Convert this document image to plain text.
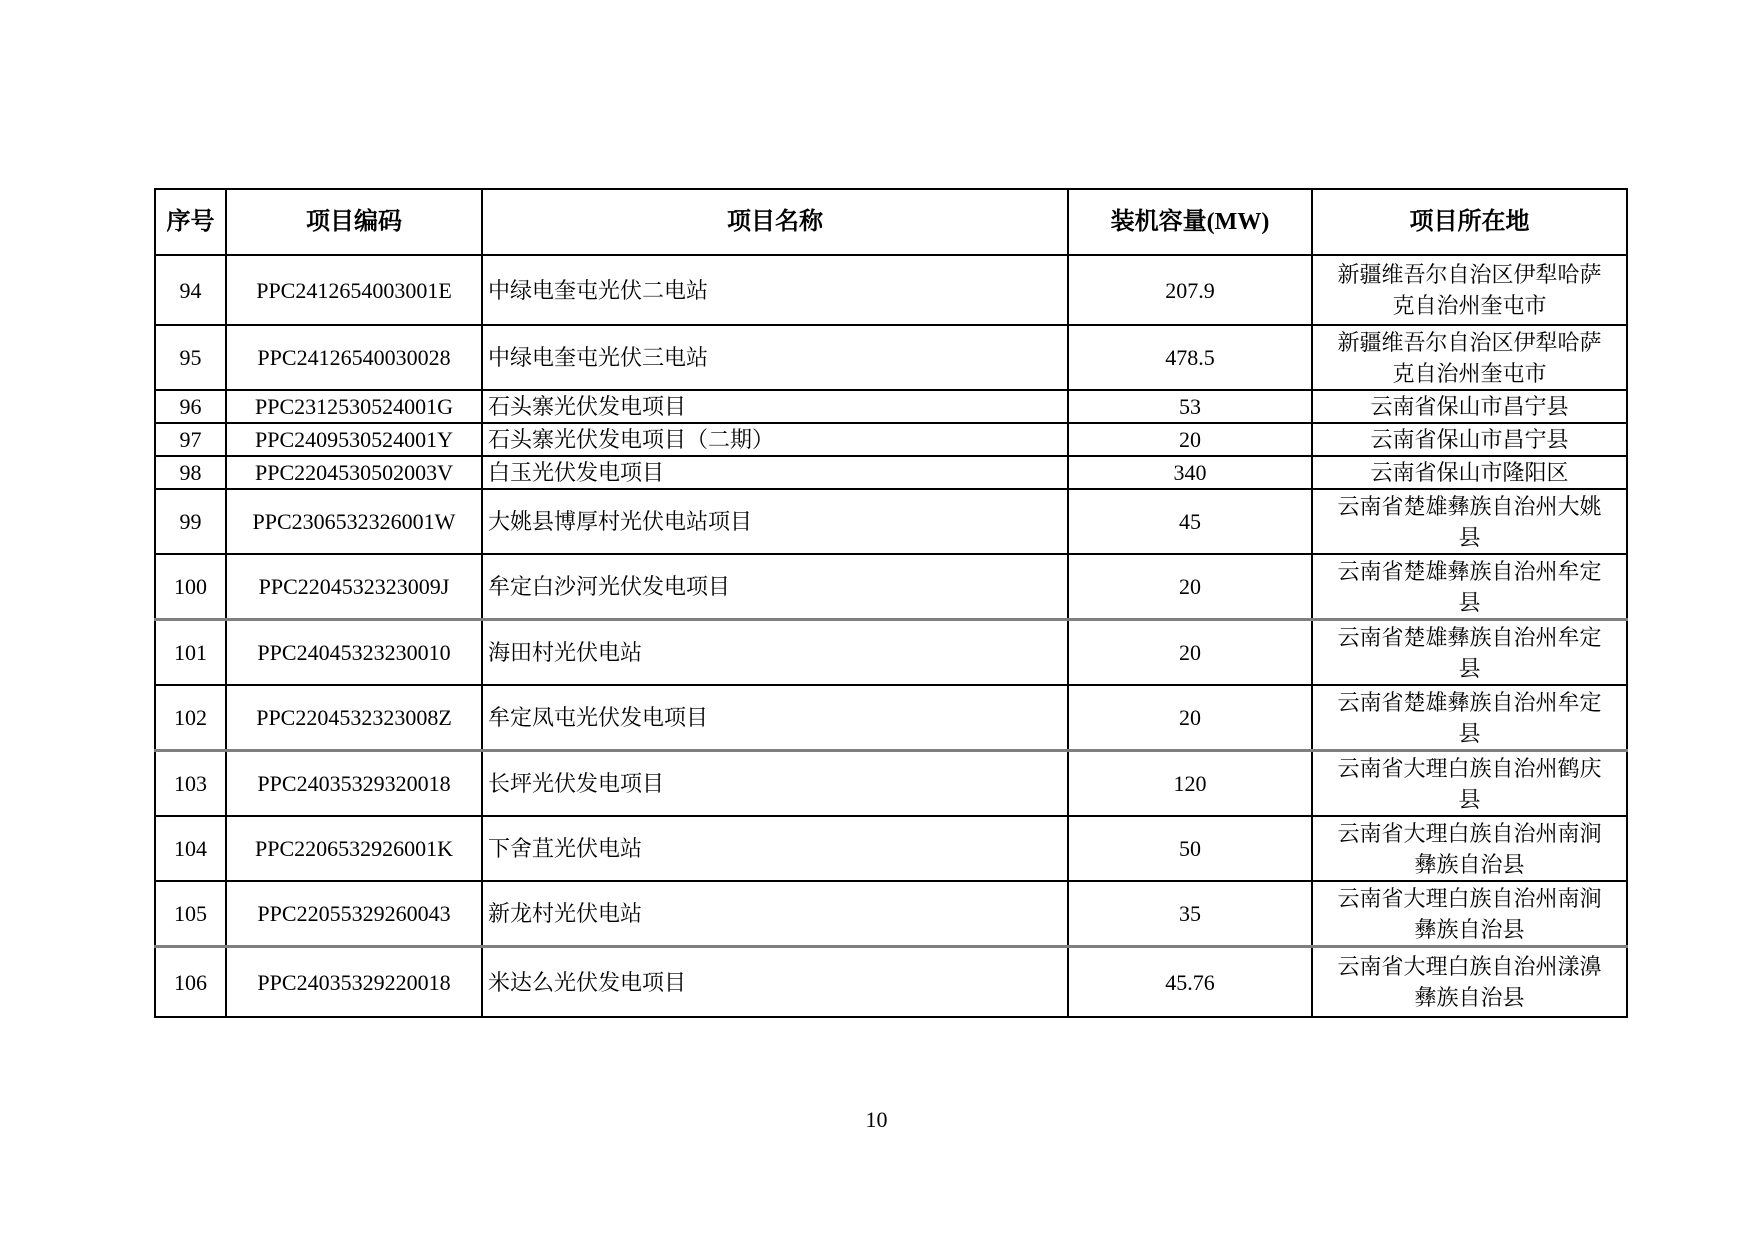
序号	项目编码	项目名称	装机容量(MW)	项目所在地
94	PPC2412654003001E	中绿电奎屯光伏二电站	207.9	新疆维吾尔自治区伊犁哈萨克自治州奎屯市
95	PPC24126540030028	中绿电奎屯光伏三电站	478.5	新疆维吾尔自治区伊犁哈萨克自治州奎屯市
96	PPC2312530524001G	石头寨光伏发电项目	53	云南省保山市昌宁县
97	PPC2409530524001Y	石头寨光伏发电项目（二期）	20	云南省保山市昌宁县
98	PPC2204530502003V	白玉光伏发电项目	340	云南省保山市隆阳区
99	PPC2306532326001W	大姚县博厚村光伏电站项目	45	云南省楚雄彝族自治州大姚县
100	PPC2204532323009J	牟定白沙河光伏发电项目	20	云南省楚雄彝族自治州牟定县
101	PPC24045323230010	海田村光伏电站	20	云南省楚雄彝族自治州牟定县
102	PPC2204532323008Z	牟定凤屯光伏发电项目	20	云南省楚雄彝族自治州牟定县
103	PPC24035329320018	长坪光伏发电项目	120	云南省大理白族自治州鹤庆县
104	PPC2206532926001K	下舍苴光伏电站	50	云南省大理白族自治州南涧彝族自治县
105	PPC22055329260043	新龙村光伏电站	35	云南省大理白族自治州南涧彝族自治县
106	PPC24035329220018	米达么光伏发电项目	45.76	云南省大理白族自治州漾濞彝族自治县
10
